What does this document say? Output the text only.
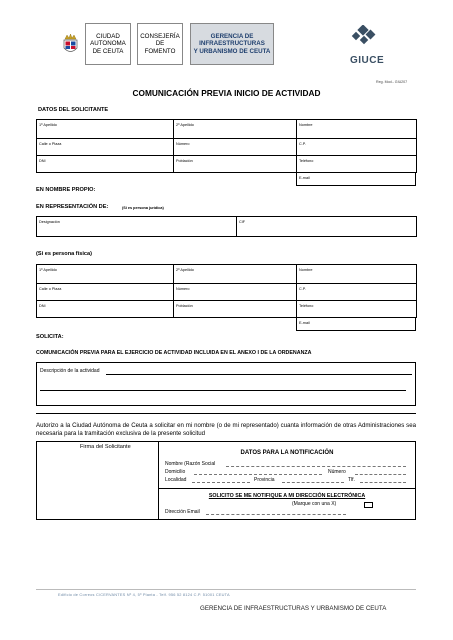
CIUDAD
AUTONOMA
DE CEUTA
CONSEJERÍA
DE
FOMENTO
GERENCIA DE
INFRAESTRUCTURAS
Y URBANISMO DE CEUTA
GIUCE
Reg. Mod.- GIU207
COMUNICACIÓN PREVIA INICIO DE ACTIVIDAD
DATOS DEL SOLICITANTE
1º Apellido	2º Apellido	Nombre
Calle o Plaza	Número	C.P.
DNI	Población	Teléfono
E-mail
EN NOMBRE PROPIO:
EN REPRESENTACIÓN DE:	(Si es persona jurídica)
Designación	CIF
(Si es persona física)
1º Apellido	2º Apellido	Nombre
Calle o Plaza	Número	C.P.
DNI	Población	Teléfono
E-mail
SOLICITA:
COMUNICACIÓN PREVIA PARA EL EJERCICIO DE ACTIVIDAD INCLUIDA EN EL ANEXO I DE LA ORDENANZA
Descripción de la actividad
Autorizo a la Ciudad Autónoma de Ceuta a solicitar en mi nombre (o de mi representado) cuanta información de otras Administraciones sea necesaria para la tramitación exclusiva de la presente solicitud
Firma del Solicitante
DATOS PARA LA NOTIFICACIÓN
Nombre (Razón Social
Domicilio	Número
Localidad	Provincia	Tlf.
SOLICITO SE ME NOTIFIQUE A MI DIRECCIÓN ELECTRÓNICA
(Marque con una X)
Dirección Email
Edificio de Correos C/CERVANTES Nº 4, 5º Planta - Telf. 956 52 8124 C.P. 51001 CEUTA
GERENCIA DE INFRAESTRUCTURAS Y URBANISMO DE CEUTA
